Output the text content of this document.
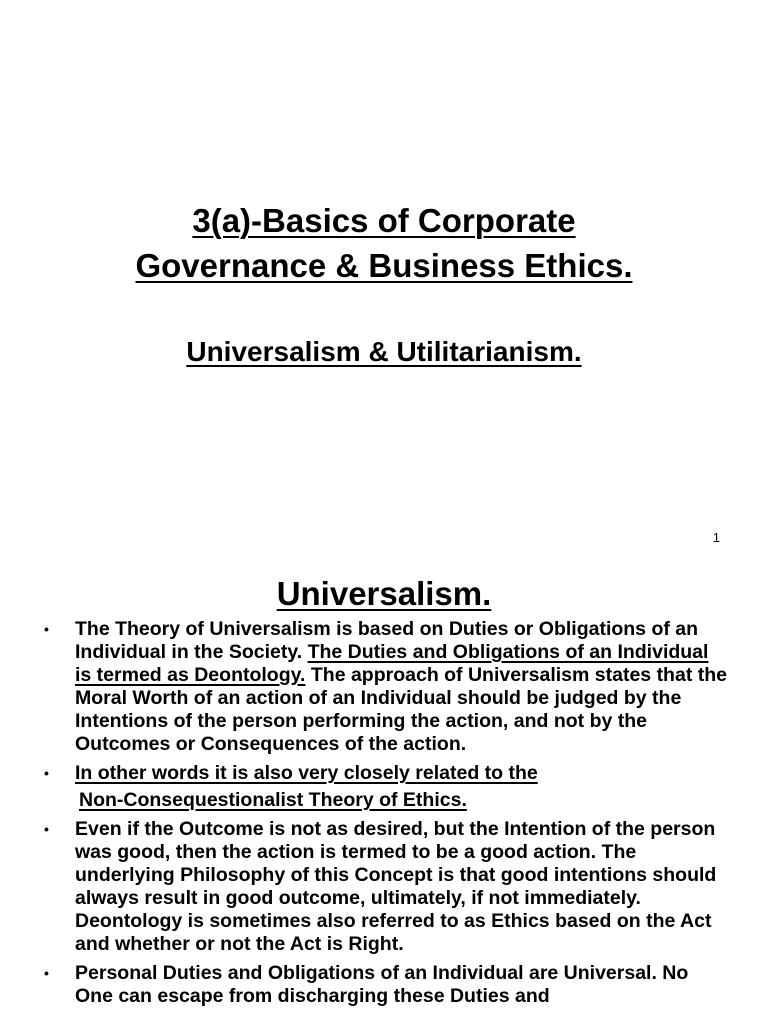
3(a)-Basics of Corporate
Governance & Business Ethics.
Universalism & Utilitarianism.
1
Universalism.
• The Theory of Universalism is based on Duties or Obligations of an Individual in the Society. The Duties and Obligations of an Individual is termed as Deontology. The approach of Universalism states that the Moral Worth of an action of an Individual should be judged by the Intentions of the person performing the action, and not by the Outcomes or Consequences of the action.
• In other words it is also very closely related to the
Non-Consequestionalist Theory of Ethics.
• Even if the Outcome is not as desired, but the Intention of the person was good, then the action is termed to be a good action. The underlying Philosophy of this Concept is that good intentions should always result in good outcome, ultimately, if not immediately. Deontology is sometimes also referred to as Ethics based on the Act and whether or not the Act is Right.
• Personal Duties and Obligations of an Individual are Universal. No One can escape from discharging these Duties and
